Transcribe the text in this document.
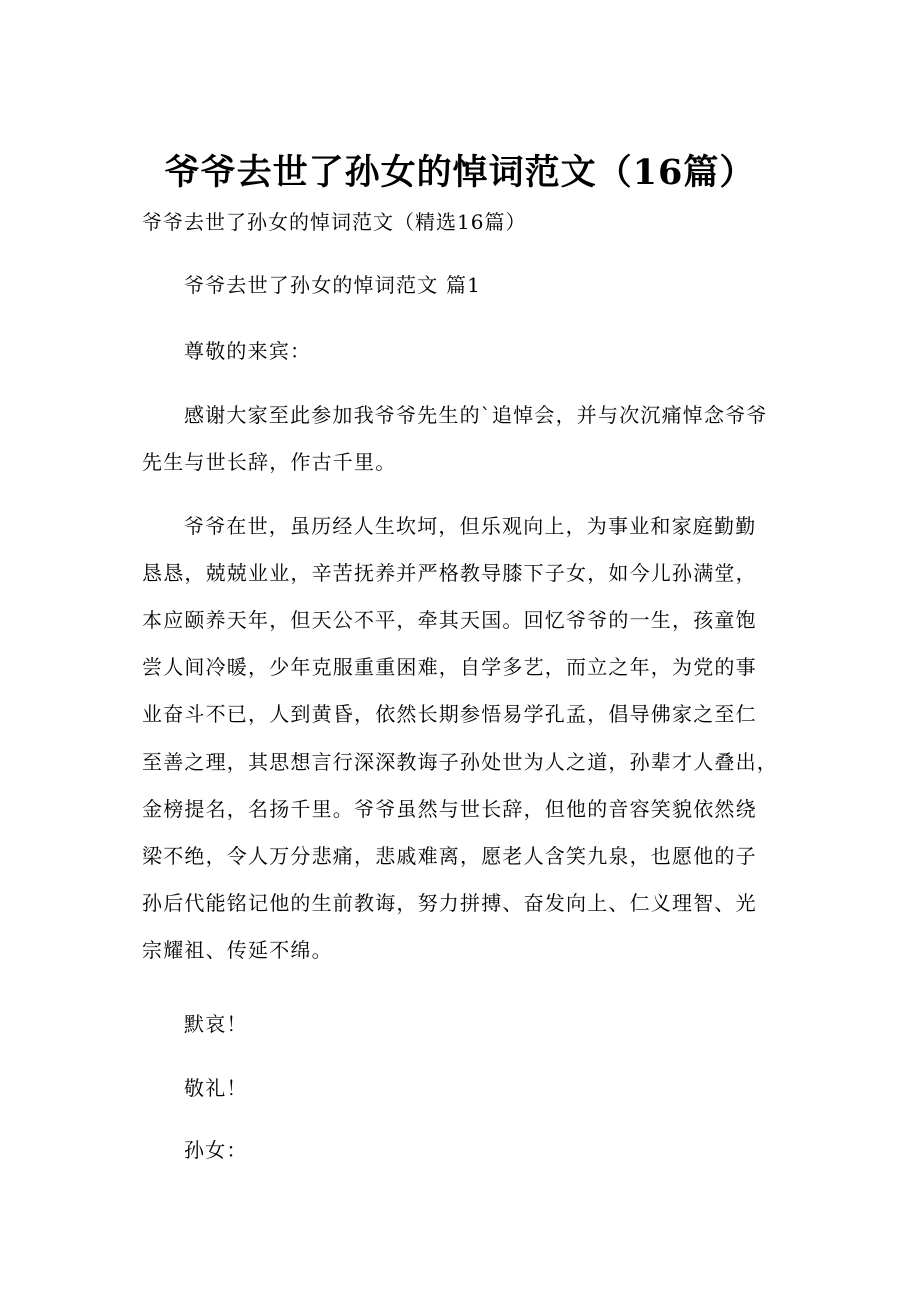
爷爷去世了孙女的悼词范文（16篇）
爷爷去世了孙女的悼词范文（精选16篇）
爷爷去世了孙女的悼词范文 篇1
尊敬的来宾：
感谢大家至此参加我爷爷先生的`追悼会，并与次沉痛悼念爷爷
先生与世长辞，作古千里。
爷爷在世，虽历经人生坎坷，但乐观向上，为事业和家庭勤勤
恳恳，兢兢业业，辛苦抚养并严格教导膝下子女，如今儿孙满堂，
本应颐养天年，但天公不平，牵其天国。回忆爷爷的一生，孩童饱
尝人间冷暖，少年克服重重困难，自学多艺，而立之年，为党的事
业奋斗不已，人到黄昏，依然长期参悟易学孔孟，倡导佛家之至仁
至善之理，其思想言行深深教诲子孙处世为人之道，孙辈才人叠出，
金榜提名，名扬千里。爷爷虽然与世长辞，但他的音容笑貌依然绕
梁不绝，令人万分悲痛，悲戚难离，愿老人含笑九泉，也愿他的子
孙后代能铭记他的生前教诲，努力拼搏、奋发向上、仁义理智、光
宗耀祖、传延不绵。
默哀！
敬礼！
孙女：
